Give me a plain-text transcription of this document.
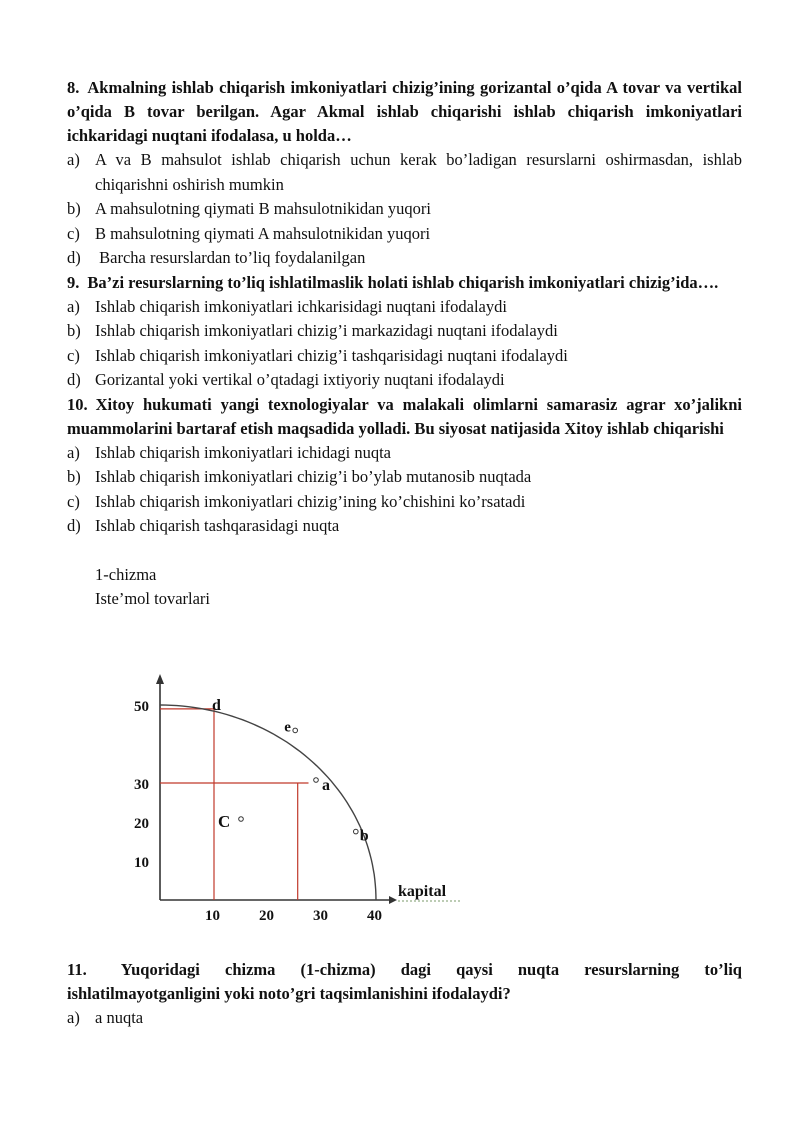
8. Akmalning ishlab chiqarish imkoniyatlari chizig’ining gorizantal o’qida A tovar va vertikal o’qida B tovar berilgan. Agar Akmal ishlab chiqarishi ishlab chiqarish imkoniyatlari ichkaridagi nuqtani ifodalasa, u holda…

a) A va B mahsulot ishlab chiqarish uchun kerak bo’ladigan resurslarni oshirmasdan, ishlab chiqarishni oshirish mumkin
b) A mahsulotning qiymati B mahsulotnikidan yuqori
c) B mahsulotning qiymati A mahsulotnikidan yuqori
d) Barcha resurslardan to’liq foydalanilgan

9. Ba’zi resurslarning to’liq ishlatilmaslik holati ishlab chiqarish imkoniyatlari chizig’ida….

a) Ishlab chiqarish imkoniyatlari ichkarisidagi nuqtani ifodalaydi
b) Ishlab chiqarish imkoniyatlari chizig’i markazidagi nuqtani ifodalaydi
c) Ishlab chiqarish imkoniyatlari chizig’i tashqarisidagi nuqtani ifodalaydi
d) Gorizantal yoki vertikal o’qtadagi ixtiyoriy nuqtani ifodalaydi

10. Xitoy hukumati yangi texnologiyalar va malakali olimlarni samarasiz agrar xo’jalikni muammolarini bartaraf etish maqsadida yolladi. Bu siyosat natijasida Xitoy ishlab chiqarishi

a) Ishlab chiqarish imkoniyatlari ichidagi nuqta
b) Ishlab chiqarish imkoniyatlari chizig’i bo’ylab mutanosib nuqtada
c) Ishlab chiqarish imkoniyatlari chizig’ining ko’chishini ko’rsatadi
d) Ishlab chiqarish tashqarasidagi nuqta

1-chizma

Iste’mol tovarlari

kapital
10	20	30	40
50
30
20
10
d
e
a
b
C

11. Yuqoridagi chizma (1-chizma) dagi qaysi nuqta resurslarning to’liq ishlatilmayotganligini yoki noto’gri taqsimlanishini ifodalaydi?

a) a nuqta
